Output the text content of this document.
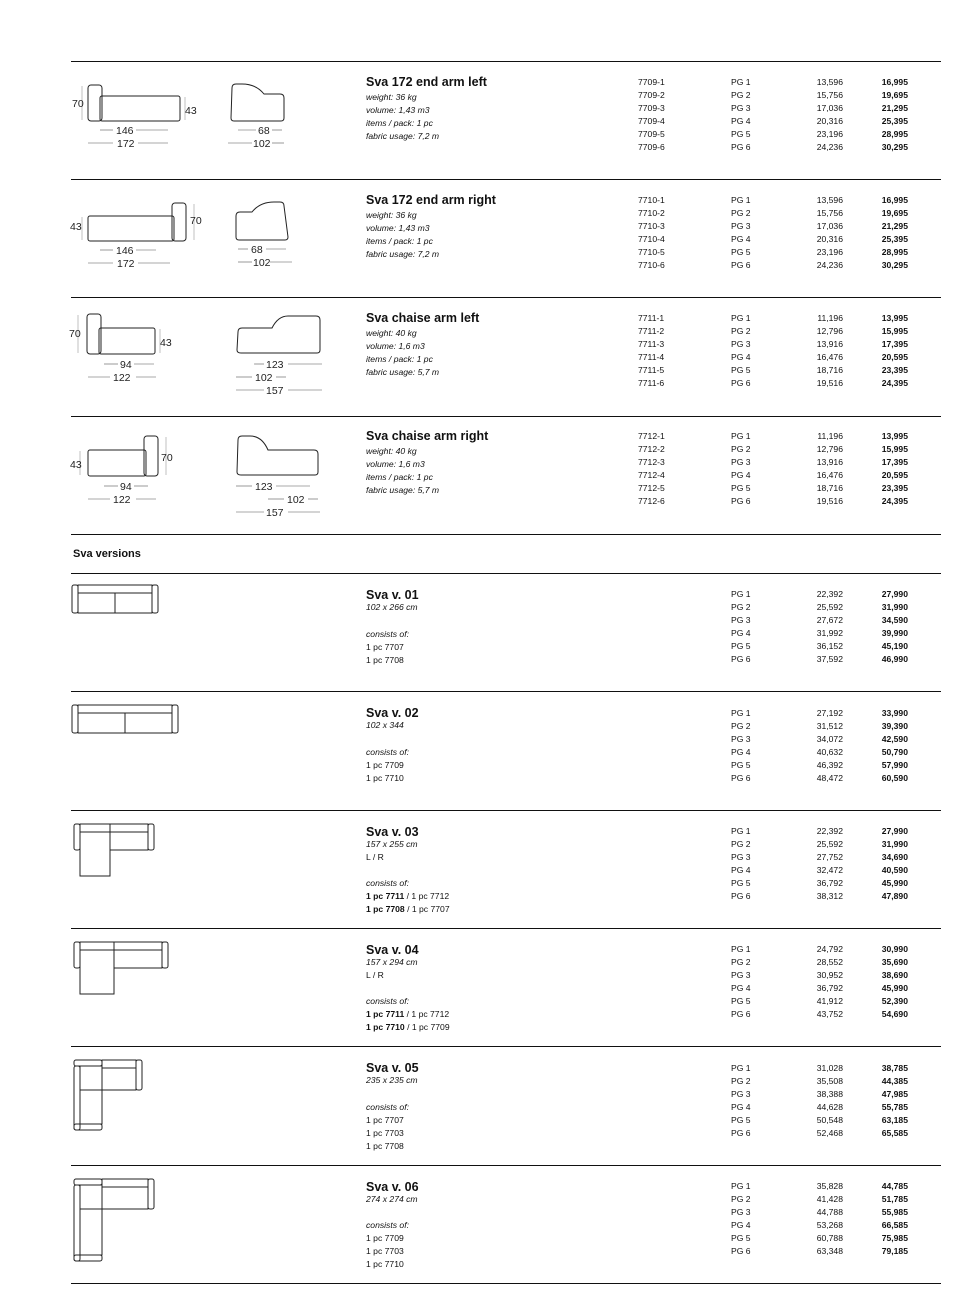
70
43
146
172
68
102
Sva 172 end arm left
weight: 36 kg
volume: 1,43 m3
items / pack: 1 pc
fabric usage: 7,2 m
7709-1
7709-2
7709-3
7709-4
7709-5
7709-6
PG 1
PG 2
PG 3
PG 4
PG 5
PG 6
13,596
15,756
17,036
20,316
23,196
24,236
16,995
19,695
21,295
25,395
28,995
30,295
43	70
146
172
68
102
Sva 172 end arm right
weight: 36 kg
volume: 1,43 m3
items / pack: 1 pc
fabric usage: 7,2 m
7710-1
7710-2
7710-3
7710-4
7710-5
7710-6
PG 1
PG 2
PG 3
PG 4
PG 5
PG 6
13,596
15,756
17,036
20,316
23,196
24,236
16,995
19,695
21,295
25,395
28,995
30,295
70
43
94
122
123
102
157
Sva chaise arm left
weight: 40 kg
volume: 1,6 m3
items / pack: 1 pc
fabric usage: 5,7 m
7711-1
7711-2
7711-3
7711-4
7711-5
7711-6
PG 1
PG 2
PG 3
PG 4
PG 5
PG 6
11,196
12,796
13,916
16,476
18,716
19,516
13,995
15,995
17,395
20,595
23,395
24,395
43
70
94
122
123
102
157
Sva chaise arm right
weight: 40 kg
volume: 1,6 m3
items / pack: 1 pc
fabric usage: 5,7 m
7712-1
7712-2
7712-3
7712-4
7712-5
7712-6
PG 1
PG 2
PG 3
PG 4
PG 5
PG 6
11,196
12,796
13,916
16,476
18,716
19,516
13,995
15,995
17,395
20,595
23,395
24,395
Sva versions
Sva v. 01
102 x 266 cm
consists of:
1 pc 7707
1 pc 7708
PG 1
PG 2
PG 3
PG 4
PG 5
PG 6
22,392
25,592
27,672
31,992
36,152
37,592
27,990
31,990
34,590
39,990
45,190
46,990
Sva v. 02
102 x 344
consists of:
1 pc 7709
1 pc 7710
PG 1
PG 2
PG 3
PG 4
PG 5
PG 6
27,192
31,512
34,072
40,632
46,392
48,472
33,990
39,390
42,590
50,790
57,990
60,590
Sva v. 03
157 x 255 cm
L / R
consists of:
1 pc 7711 / 1 pc 7712
1 pc 7708 / 1 pc 7707
PG 1
PG 2
PG 3
PG 4
PG 5
PG 6
22,392
25,592
27,752
32,472
36,792
38,312
27,990
31,990
34,690
40,590
45,990
47,890
Sva v. 04
157 x 294 cm
L / R
consists of:
1 pc 7711 / 1 pc 7712
1 pc 7710 / 1 pc 7709
PG 1
PG 2
PG 3
PG 4
PG 5
PG 6
24,792
28,552
30,952
36,792
41,912
43,752
30,990
35,690
38,690
45,990
52,390
54,690
Sva v. 05
235 x 235 cm
consists of:
1 pc 7707
1 pc 7703
1 pc 7708
PG 1
PG 2
PG 3
PG 4
PG 5
PG 6
31,028
35,508
38,388
44,628
50,548
52,468
38,785
44,385
47,985
55,785
63,185
65,585
Sva v. 06
274 x 274 cm
consists of:
1 pc 7709
1 pc 7703
1 pc 7710
PG 1
PG 2
PG 3
PG 4
PG 5
PG 6
35,828
41,428
44,788
53,268
60,788
63,348
44,785
51,785
55,985
66,585
75,985
79,185
